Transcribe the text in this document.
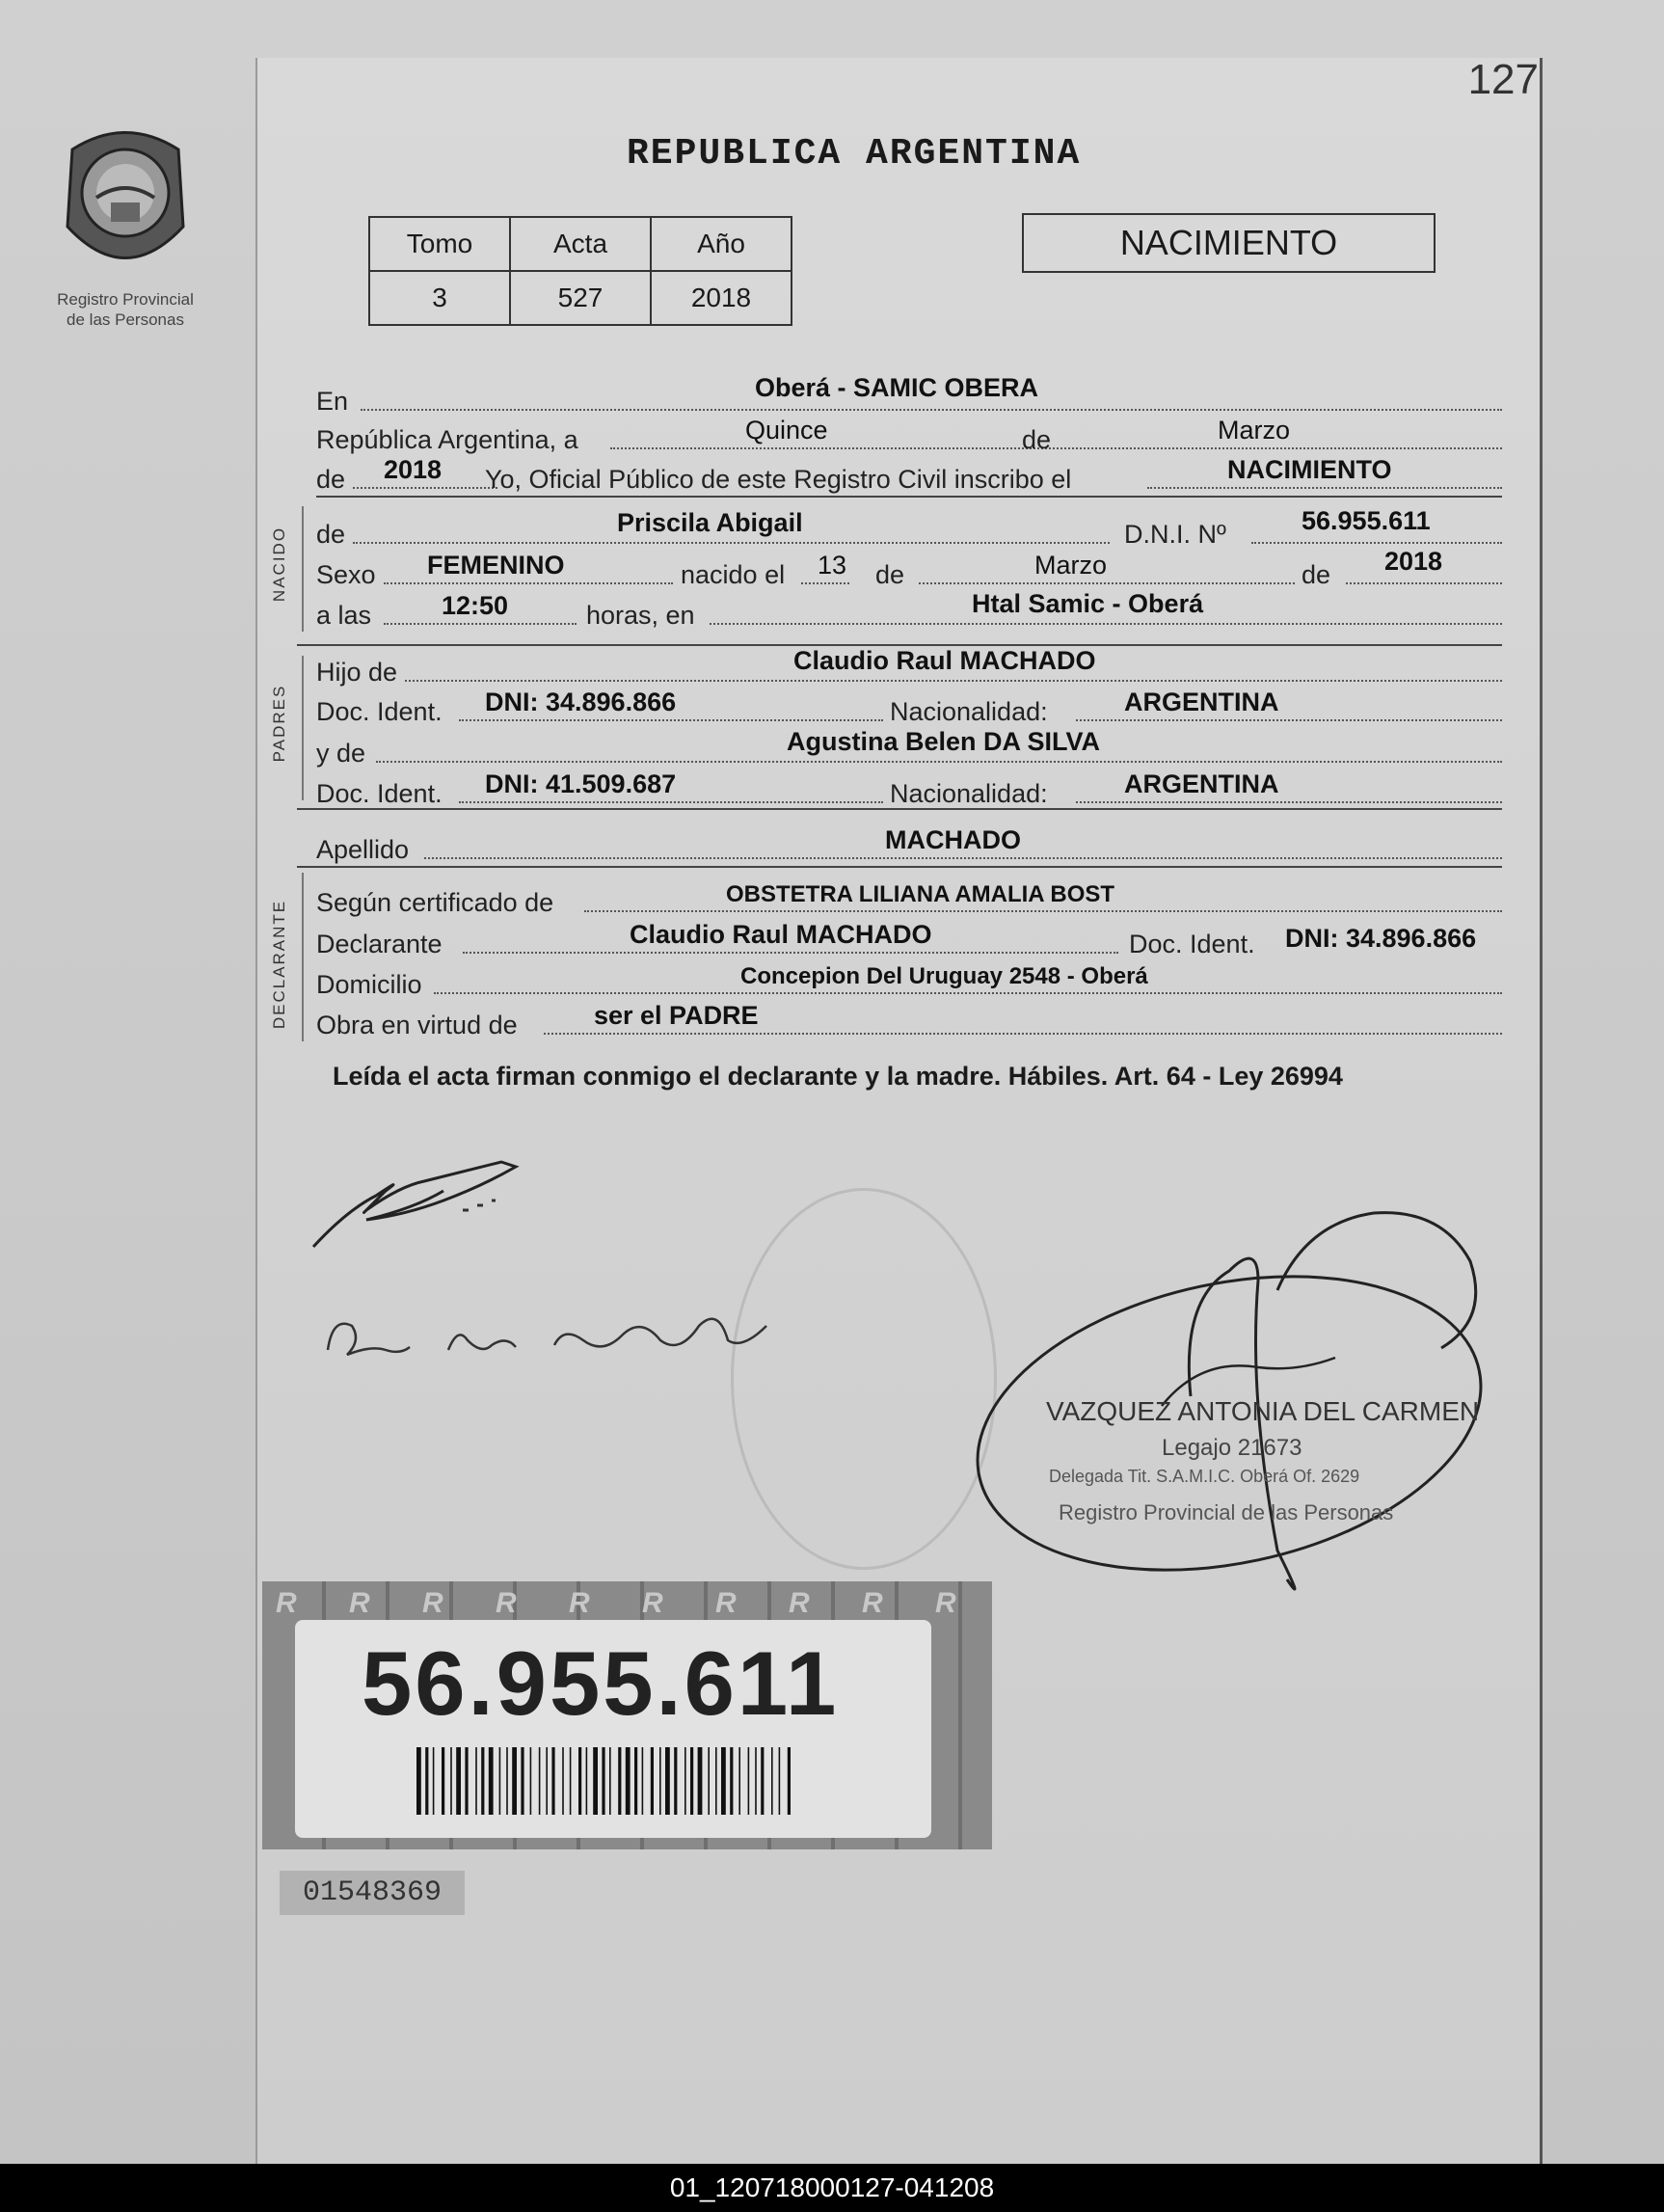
127
Registro Provincial
de las Personas
REPUBLICA ARGENTINA
Tomo	Acta	Año
3	527	2018
NACIMIENTO
En	Oberá - SAMIC OBERA
República Argentina, a	Quince	de	Marzo
de 2018 Yo, Oficial Público de este Registro Civil inscribo el	NACIMIENTO
NACIDO de	Priscila Abigail	D.N.I. Nº	56.955.611
Sexo FEMENINO	nacido el 13 de	Marzo	de 2018
a las	12:50	horas, en	Htal Samic - Oberá
PADRES
Hijo de	Claudio Raul MACHADO
Doc. Ident. DNI: 34.896.866	Nacionalidad:	ARGENTINA
y de	Agustina Belen DA SILVA
Doc. Ident. DNI: 41.509.687	Nacionalidad:	ARGENTINA
Apellido	MACHADO
DECLARANTE Según certificado de	OBSTETRA LILIANA AMALIA BOST
Declarante	Claudio Raul MACHADO	Doc. Ident. DNI: 34.896.866
Domicilio	Concepion Del Uruguay 2548 - Oberá
Obra en virtud de	ser el PADRE
Leída el acta firman conmigo el declarante y la madre. Hábiles. Art. 64 - Ley 26994
VAZQUEZ ANTONIA DEL CARMEN
Legajo 21673
Delegada Tit. S.A.M.I.C. Oberá Of. 2629
Registro Provincial de las Personas
R R R R R R R R R R
56.955.611
01548369
01_120718000127-041208
